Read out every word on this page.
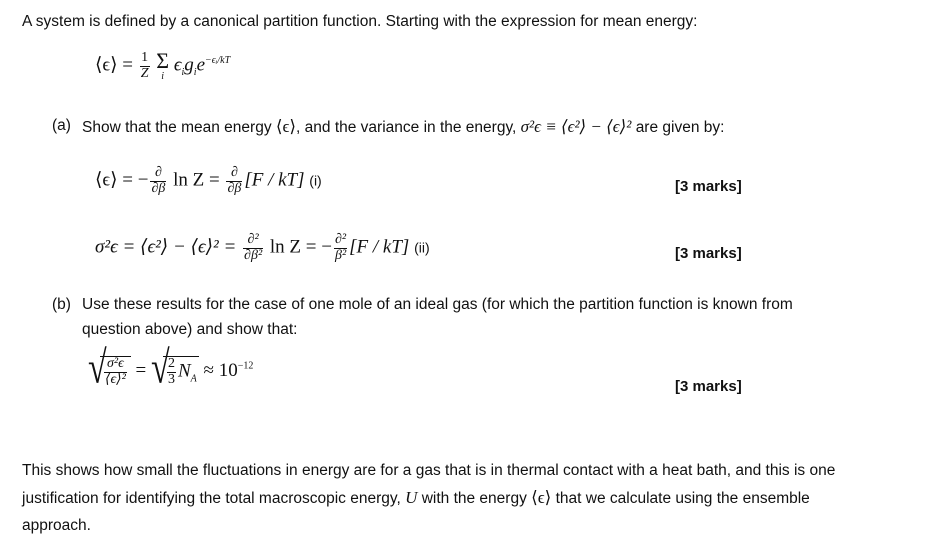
A system is defined by a canonical partition function. Starting with the expression for mean energy:
⟨ϵ⟩ = $\frac{1}{Z}$
Σ
i
$\epsilon_ig_ie^{-\epsilon ᵢ/kT}$
(a) Show that the mean energy ⟨ϵ⟩, and the variance in the energy, σ²ϵ ≡ ⟨ϵ²⟩ − ⟨ϵ⟩² are given by:
⟨ϵ⟩ = − $\frac{\partial}{\partial\beta}$ $\ln Z = \frac{\partial}{\partial\beta} [F / kT]$ (i)	[3 marks]
σ²ϵ = ⟨ϵ²⟩ − ⟨ϵ⟩² = $\frac{\text{∂²}}{\text{∂β²}}$ ln Z = − $\frac{\text{∂²}}{\text{β²}} [F / kT]$ (ii)	[3 marks]
(b) Use these results for the case of one mole of an ideal gas (for which the partition function is known from
question above) and show that:
√
$\frac{\text{σ²ϵ}}{\text{⟨ϵ⟩²}}$ = √
$\frac{2}{3} N_A \approx 10^{-12}$
[3 marks]
This shows how small the fluctuations in energy are for a gas that is in thermal contact with a heat bath, and this is one
justification for identifying the total macroscopic energy, U with the energy ⟨ϵ⟩ that we calculate using the ensemble
approach.
